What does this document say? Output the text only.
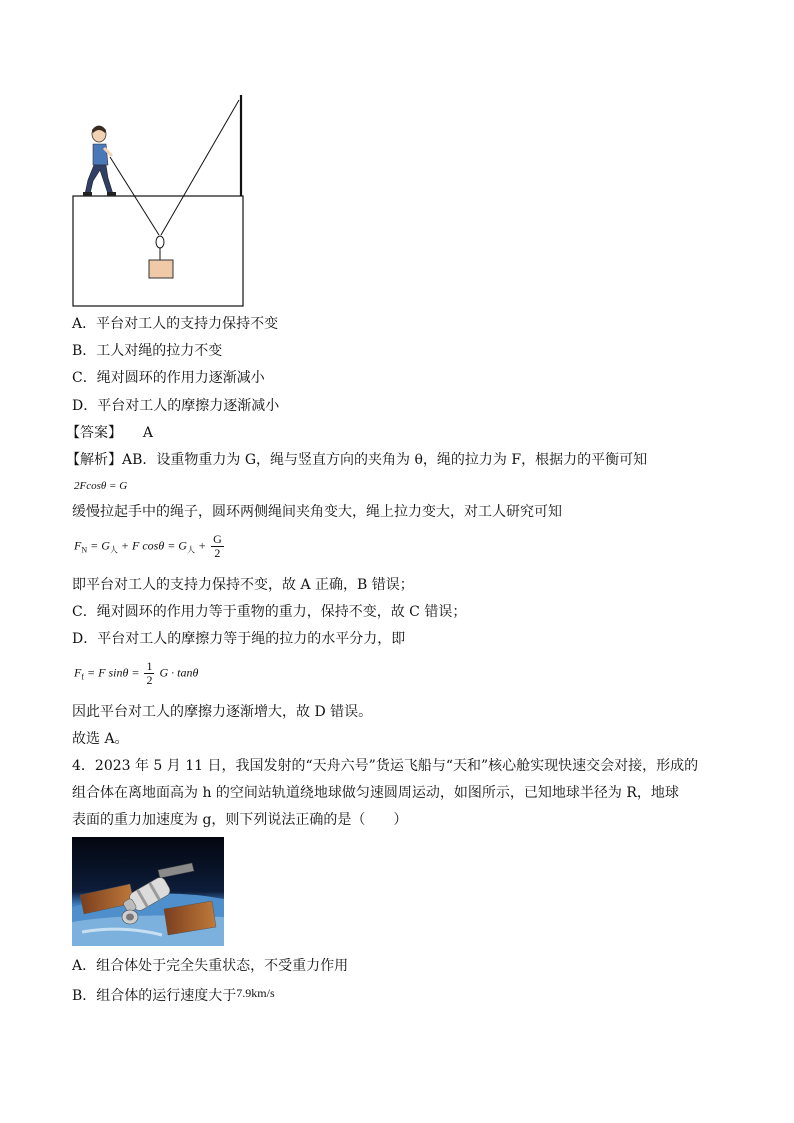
A．平台对工人的支持力保持不变
B．工人对绳的拉力不变
C．绳对圆环的作用力逐渐减小
D．平台对工人的摩擦力逐渐减小
【答案】 A
【解析】AB．设重物重力为 G，绳与竖直方向的夹角为 θ，绳的拉力为 F，根据力的平衡可知
2Fcosθ = G
缓慢拉起手中的绳子，圆环两侧绳间夹角变大，绳上拉力变大，对工人研究可知
$F_N = G_人 + F$ $\cos\theta = G_人 + \frac{G}{2}$
即平台对工人的支持力保持不变，故 A 正确，B 错误；
C．绳对圆环的作用力等于重物的重力，保持不变，故 C 错误；
D．平台对工人的摩擦力等于绳的拉力的水平分力，即
$F_f = F$ $\sin\theta = \frac{1}{2}$ G · tanθ
因此平台对工人的摩擦力逐渐增大，故 D 错误。
故选 A。
4．2023 年 5 月 11 日，我国发射的“天舟六号”货运飞船与“天和”核心舱实现快速交会对接，形成的
组合体在离地面高为 h 的空间站轨道绕地球做匀速圆周运动，如图所示，已知地球半径为 R，地球
表面的重力加速度为 g，则下列说法正确的是（　　）
A．组合体处于完全失重状态，不受重力作用
B．组合体的运行速度大于7.9km/s
